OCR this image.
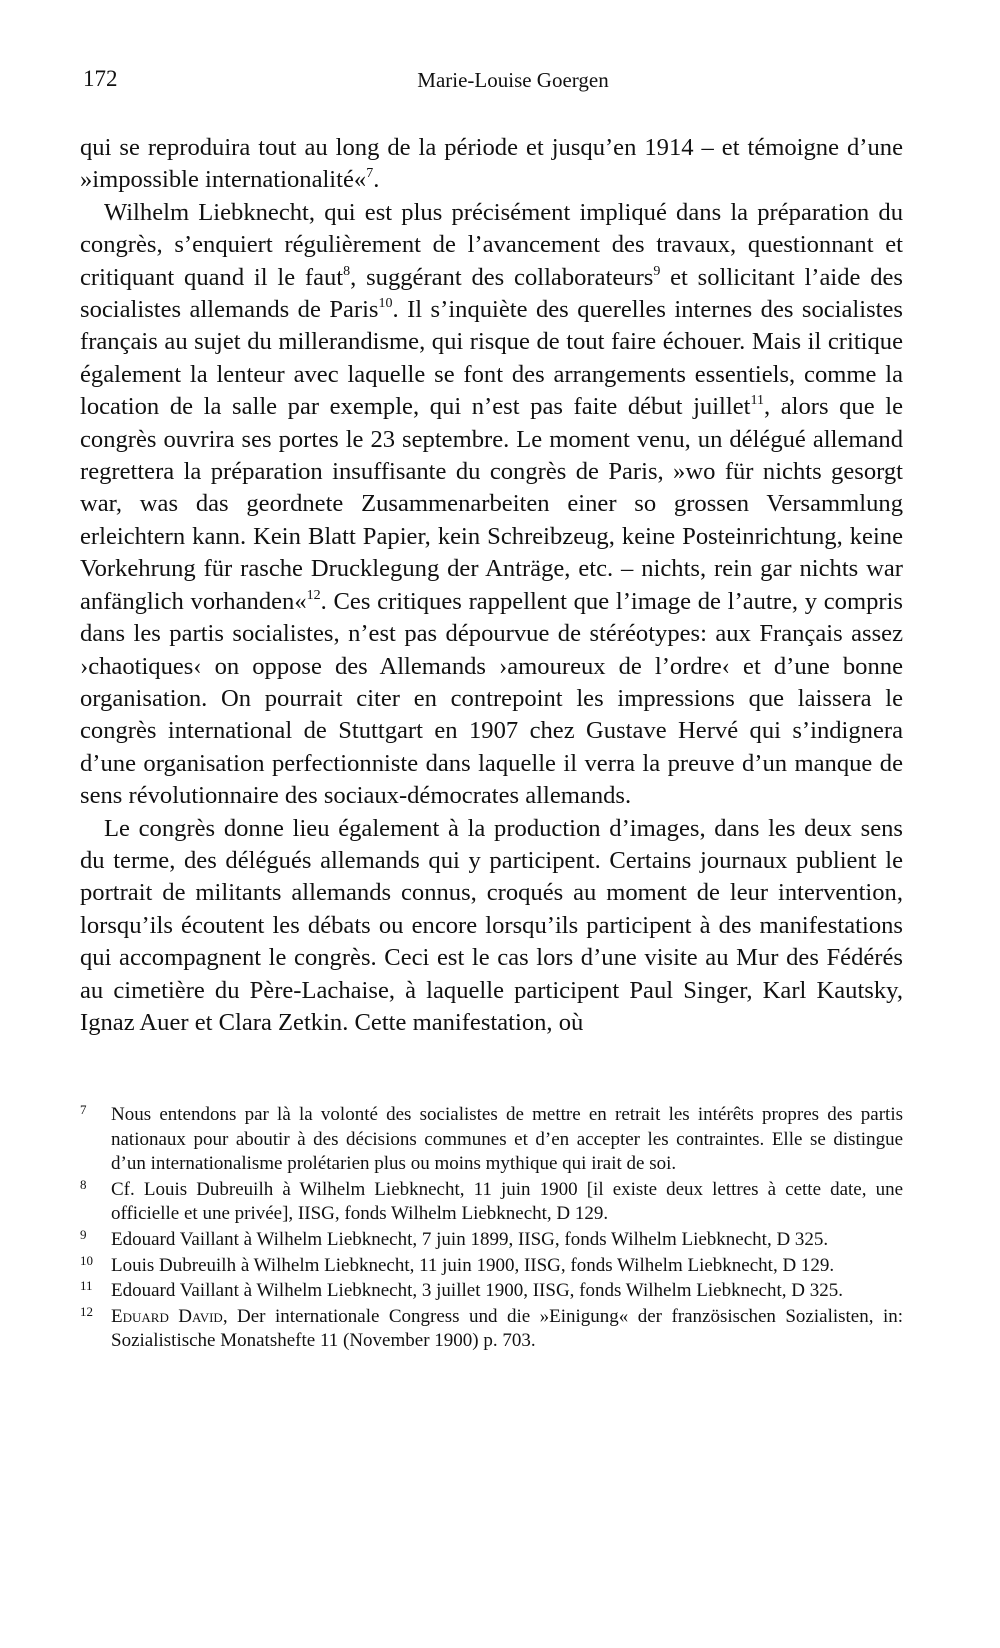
172	Marie-Louise Goergen

qui se reproduira tout au long de la période et jusqu’en 1914 – et témoigne d’une »impossible internationalité«$^7$.

Wilhelm Liebknecht, qui est plus précisément impliqué dans la préparation du congrès, s’enquiert régulièrement de l’avancement des travaux, questionnant et critiquant quand il le faut$^8$, suggérant des collaborateurs$^9$ et sollicitant l’aide des socialistes allemands de Paris$^{10}$. Il s’inquiète des querelles internes des socialistes français au sujet du millerandisme, qui risque de tout faire échouer. Mais il critique également la lenteur avec laquelle se font des arrangements essentiels, comme la location de la salle par exemple, qui n’est pas faite début juillet$^{11}$, alors que le congrès ouvrira ses portes le 23 septembre. Le moment venu, un délégué allemand regrettera la préparation insuffisante du congrès de Paris, »wo für nichts gesorgt war, was das geordnete Zusammenarbeiten einer so grossen Versammlung erleichtern kann. Kein Blatt Papier, kein Schreibzeug, keine Posteinrichtung, keine Vorkehrung für rasche Drucklegung der Anträge, etc. – nichts, rein gar nichts war anfänglich vorhanden«$^{12}$. Ces critiques rappellent que l’image de l’autre, y compris dans les partis socialistes, n’est pas dépourvue de stéréotypes: aux Français assez ›chaotiques‹ on oppose des Allemands ›amoureux de l’ordre‹ et d’une bonne organisation. On pourrait citer en contrepoint les impressions que laissera le congrès international de Stuttgart en 1907 chez Gustave Hervé qui s’indignera d’une organisation perfectionniste dans laquelle il verra la preuve d’un manque de sens révolutionnaire des sociaux-démocrates allemands.

Le congrès donne lieu également à la production d’images, dans les deux sens du terme, des délégués allemands qui y participent. Certains journaux publient le portrait de militants allemands connus, croqués au moment de leur intervention, lorsqu’ils écoutent les débats ou encore lorsqu’ils participent à des manifestations qui accompagnent le congrès. Ceci est le cas lors d’une visite au Mur des Fédérés au cimetière du Père-Lachaise, à laquelle participent Paul Singer, Karl Kautsky, Ignaz Auer et Clara Zetkin. Cette manifestation, où

7 Nous entendons par là la volonté des socialistes de mettre en retrait les intérêts propres des partis nationaux pour aboutir à des décisions communes et d’en accepter les contraintes. Elle se distingue d’un internationalisme prolétarien plus ou moins mythique qui irait de soi.
8 Cf. Louis Dubreuilh à Wilhelm Liebknecht, 11 juin 1900 [il existe deux lettres à cette date, une officielle et une privée], IISG, fonds Wilhelm Liebknecht, D 129.
9 Edouard Vaillant à Wilhelm Liebknecht, 7 juin 1899, IISG, fonds Wilhelm Liebknecht, D 325.
10 Louis Dubreuilh à Wilhelm Liebknecht, 11 juin 1900, IISG, fonds Wilhelm Liebknecht, D 129.
11 Edouard Vaillant à Wilhelm Liebknecht, 3 juillet 1900, IISG, fonds Wilhelm Liebknecht, D 325.
12 Eduard David, Der internationale Congress und die »Einigung« der französischen Sozialisten, in: Sozialistische Monatshefte 11 (November 1900) p. 703.
